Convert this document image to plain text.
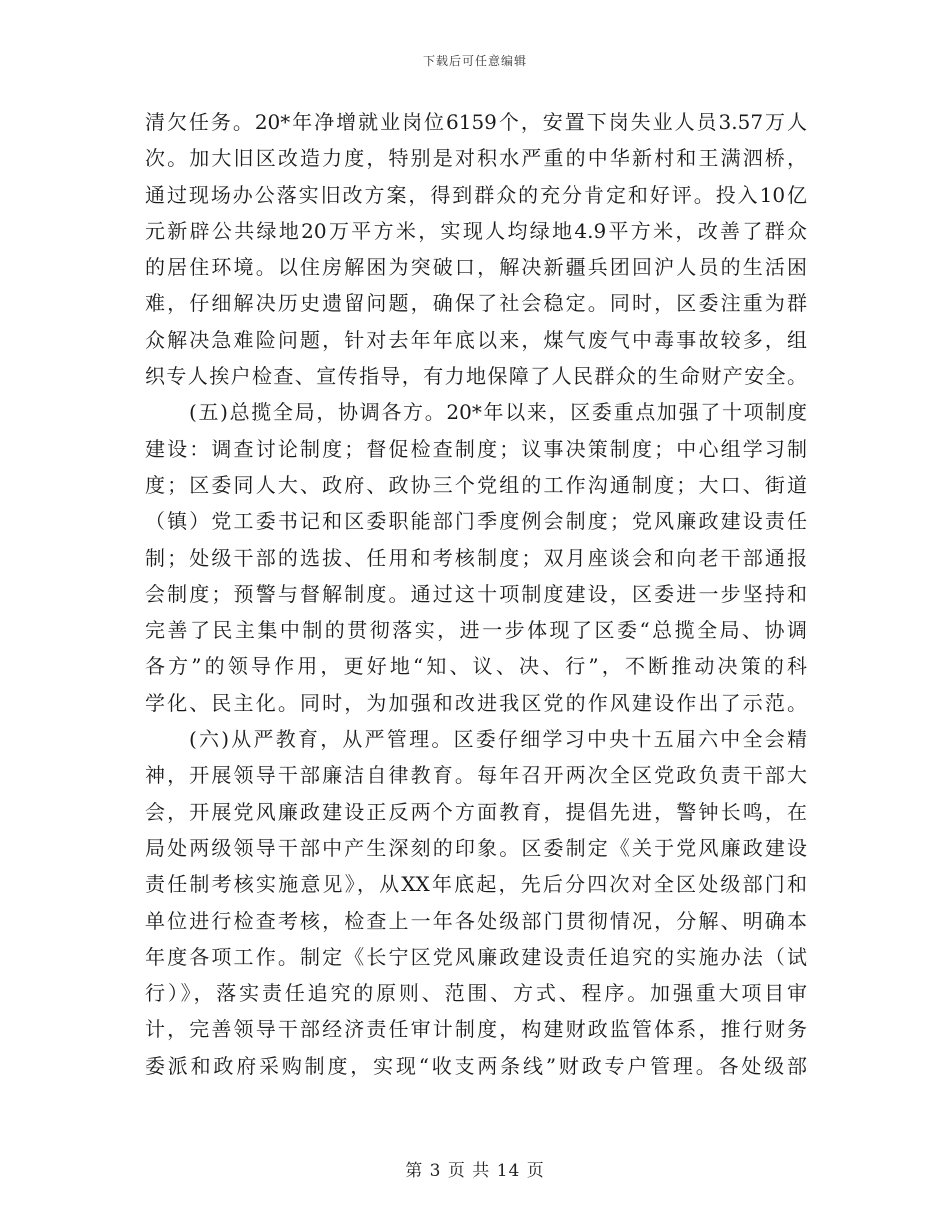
下载后可任意编辑
清欠任务。20*年净增就业岗位6159个，安置下岗失业人员3.57万人
次。加大旧区改造力度，特别是对积水严重的中华新村和王满泗桥，
通过现场办公落实旧改方案，得到群众的充分肯定和好评。投入10亿
元新辟公共绿地20万平方米，实现人均绿地4.9平方米，改善了群众
的居住环境。以住房解困为突破口，解决新疆兵团回沪人员的生活困
难，仔细解决历史遗留问题，确保了社会稳定。同时，区委注重为群
众解决急难险问题，针对去年年底以来，煤气废气中毒事故较多，组
织专人挨户检查、宣传指导，有力地保障了人民群众的生命财产安全。
(五)总揽全局，协调各方。20*年以来，区委重点加强了十项制度
建设：调查讨论制度；督促检查制度；议事决策制度；中心组学习制
度；区委同人大、政府、政协三个党组的工作沟通制度；大口、街道
（镇）党工委书记和区委职能部门季度例会制度；党风廉政建设责任
制；处级干部的选拔、任用和考核制度；双月座谈会和向老干部通报
会制度；预警与督解制度。通过这十项制度建设，区委进一步坚持和
完善了民主集中制的贯彻落实，进一步体现了区委“总揽全局、协调
各方”的领导作用，更好地“知、议、决、行”，不断推动决策的科
学化、民主化。同时，为加强和改进我区党的作风建设作出了示范。
(六)从严教育，从严管理。区委仔细学习中央十五届六中全会精
神，开展领导干部廉洁自律教育。每年召开两次全区党政负责干部大
会，开展党风廉政建设正反两个方面教育，提倡先进，警钟长鸣，在
局处两级领导干部中产生深刻的印象。区委制定《关于党风廉政建设
责任制考核实施意见》，从XX年底起，先后分四次对全区处级部门和
单位进行检查考核，检查上一年各处级部门贯彻情况，分解、明确本
年度各项工作。制定《长宁区党风廉政建设责任追究的实施办法（试
行）》，落实责任追究的原则、范围、方式、程序。加强重大项目审
计，完善领导干部经济责任审计制度，构建财政监管体系，推行财务
委派和政府采购制度，实现“收支两条线”财政专户管理。各处级部
第 3 页 共 14 页
